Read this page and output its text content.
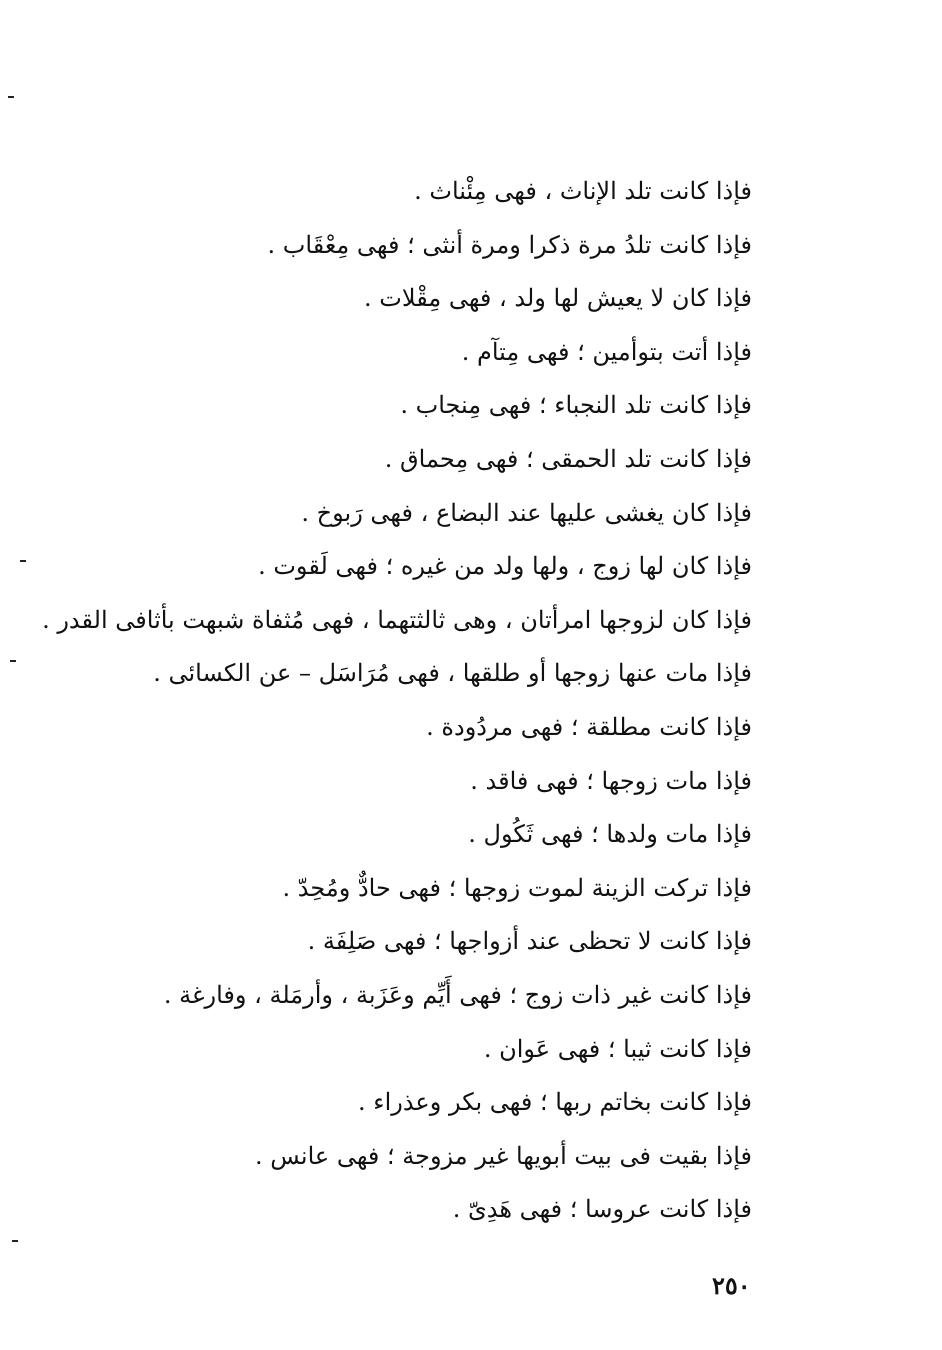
فإذا كانت تلد الإناث ، فهى مِئْناث .
فإذا كانت تلدُ مرة ذكرا ومرة أنثى ؛ فهى مِعْقَاب .
فإذا كان لا يعيش لها ولد ، فهى مِقْلات .
فإذا أتت بتوأمين ؛ فهى مِتآم .
فإذا كانت تلد النجباء ؛ فهى مِنجاب .
فإذا كانت تلد الحمقى ؛ فهى مِحماق .
فإذا كان يغشى عليها عند البضاع ، فهى رَبوخ .
فإذا كان لها زوج ، ولها ولد من غيره ؛ فهى لَقوت .
فإذا كان لزوجها امرأتان ، وهى ثالثتهما ، فهى مُثفاة شبهت بأثافى القدر .
فإذا مات عنها زوجها أو طلقها ، فهى مُرَاسَل – عن الكسائى .
فإذا كانت مطلقة ؛ فهى مردُودة .
فإذا مات زوجها ؛ فهى فاقد .
فإذا مات ولدها ؛ فهى ثَكُول .
فإذا تركت الزينة لموت زوجها ؛ فهى حادٌّ ومُحِدّ .
فإذا كانت لا تحظى عند أزواجها ؛ فهى صَلِفَة .
فإذا كانت غير ذات زوج ؛ فهى أَيِّم وعَزَبة ، وأرمَلة ، وفارغة .
فإذا كانت ثيبا ؛ فهى عَوان .
فإذا كانت بخاتم ربها ؛ فهى بكر وعذراء .
فإذا بقيت فى بيت أبويها غير مزوجة ؛ فهى عانس .
فإذا كانت عروسا ؛ فهى هَدِىّ .
٢٥٠
